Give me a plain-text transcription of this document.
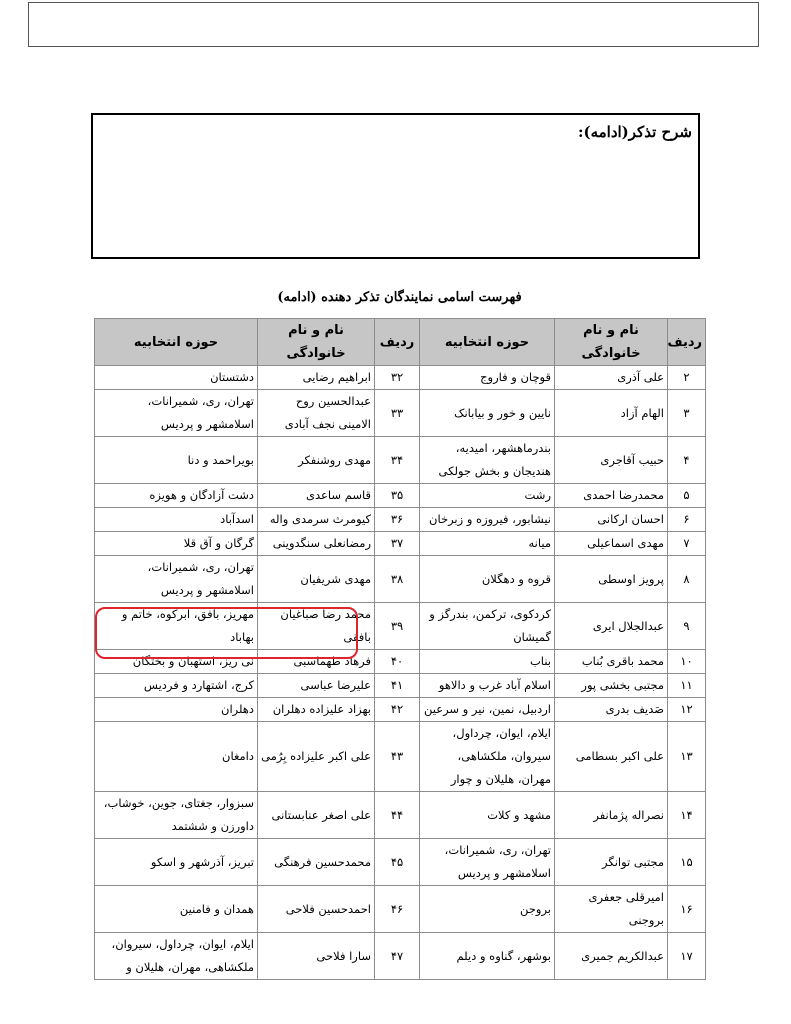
شرح تذکر(ادامه):
فهرست اسامی نمایندگان تذکر دهنده (ادامه)
ردیف	نام و نام خانوادگی	حوزه انتخابیه	ردیف	نام و نام خانوادگی	حوزه انتخابیه
۲	علی آذری	قوچان و فاروج	۳۲	ابراهیم رضایی	دشتستان
۳	الهام آزاد	نایین و خور و بیابانک	۳۳	عبدالحسین روح الامینی نجف آبادی	تهران، ری، شمیرانات، اسلامشهر و پردیس
۴	حبیب آقاجری	بندرماهشهر، امیدیه، هندیجان و بخش جولکی	۳۴	مهدی روشنفکر	بویراحمد و دنا
۵	محمدرضا احمدی	رشت	۳۵	قاسم ساعدی	دشت آزادگان و هویزه
۶	احسان ارکانی	نیشابور، فیروزه و زبرخان	۳۶	کیومرث سرمدی واله	اسدآباد
۷	مهدی اسماعیلی	میانه	۳۷	رمضانعلی سنگدوینی	گرگان و آق قلا
۸	پرویز اوسطی	قروه و دهگلان	۳۸	مهدی شریفیان	تهران، ری، شمیرانات، اسلامشهر و پردیس
۹	عبدالجلال ایری	کردکوی، ترکمن، بندرگز و گمیشان	۳۹	محمد رضا صباغیان بافقی	مهریز، بافق، ابرکوه، خاتم و بهاباد
۱۰	محمد باقری بُناب	بناب	۴۰	فرهاد طهماسبی	نی ریز، استهبان و بختگان
۱۱	مجتبی بخشی پور	اسلام آباد غرب و دالاهو	۴۱	علیرضا عباسی	کرج، اشتهارد و فردیس
۱۲	صَدیف بدری	اردبیل، نمین، نیر و سرعین	۴۲	بهزاد علیزاده دهلران	دهلران
۱۳	علی اکبر بسطامی	ایلام، ایوان، چرداول، سیروان، ملکشاهی، مهران، هلیلان و چوار	۴۳	علی اکبر علیزاده بِرُمی	دامغان
۱۴	نصراله پژمانفر	مشهد و کلات	۴۴	علی اصغر عنابستانی	سبزوار، جغتای، جوین، خوشاب، داورزن و ششتمد
۱۵	مجتبی توانگر	تهران، ری، شمیرانات، اسلامشهر و پردیس	۴۵	محمدحسین فرهنگی	تبریز، آذرشهر و اسکو
۱۶	امیرقلی جعفری بروجنی	بروجن	۴۶	احمدحسین فلاحی	همدان و فامنین
۱۷	عبدالکریم جمیری	بوشهر، گناوه و دیلم	۴۷	سارا فلاحی	ایلام، ایوان، چرداول، سیروان، ملکشاهی، مهران، هلیلان و
